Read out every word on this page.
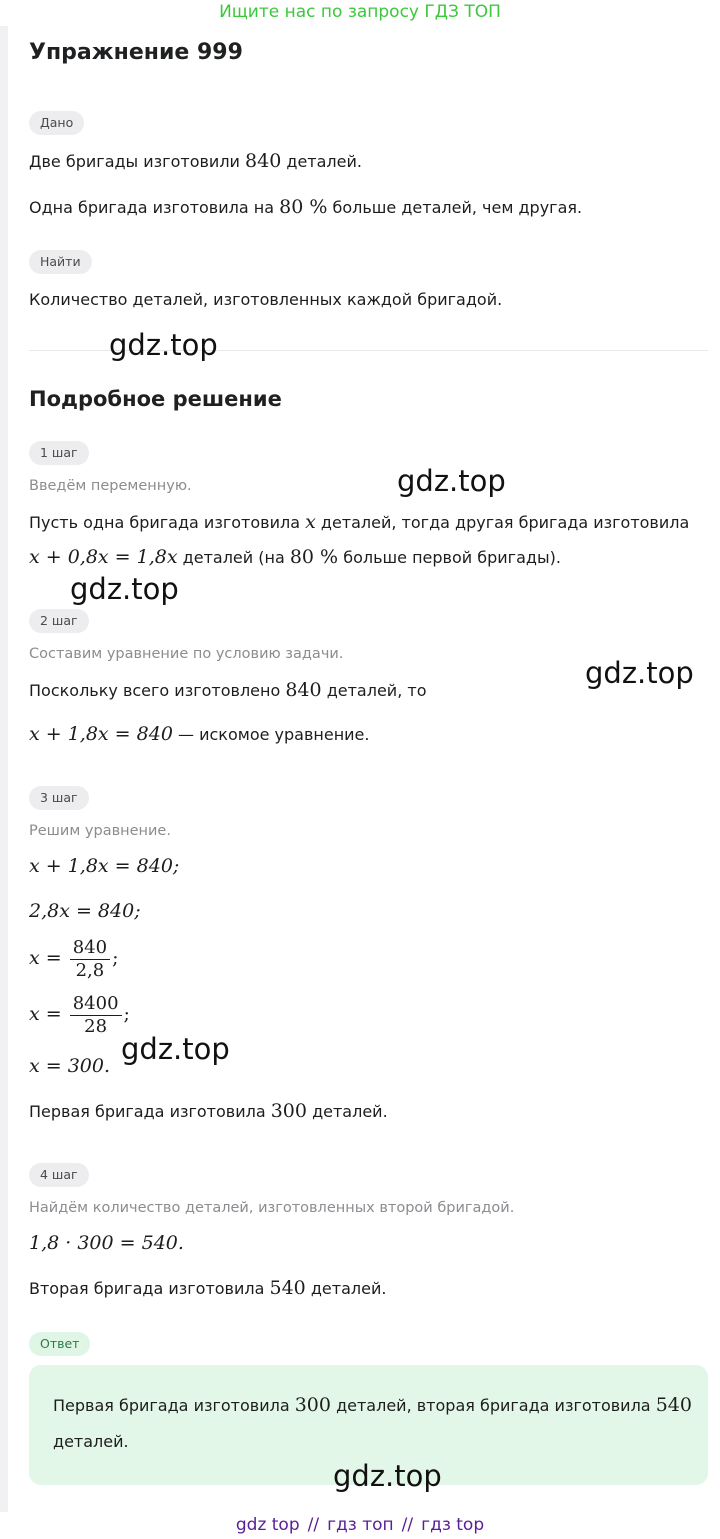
Ищите нас по запросу ГДЗ ТОП
Упражнение 999
Дано
Две бригады изготовили 840 деталей.
Одна бригада изготовила на 80 % больше деталей, чем другая.
Найти
Количество деталей, изготовленных каждой бригадой.
Подробное решение
1 шаг
Введём переменную.
Пусть одна бригада изготовила x деталей, тогда другая бригада изготовила
x + 0,8x = 1,8x деталей (на 80 % больше первой бригады).
2 шаг
Составим уравнение по условию задачи.
Поскольку всего изготовлено 840 деталей, то
x + 1,8x = 840 — искомое уравнение.
3 шаг
Решим уравнение.
x + 1,8x = 840;
2,8x = 840;
$x = \frac{840}{2,8}$ ;
$x = \frac{8400}{28}$ ;
x = 300.
Первая бригада изготовила 300 деталей.
4 шаг
Найдём количество деталей, изготовленных второй бригадой.
1,8 · 300 = 540.
Вторая бригада изготовила 540 деталей.
Ответ
Первая бригада изготовила 300 деталей, вторая бригада изготовила 540 деталей.
gdz.top
gdz.top
gdz.top
gdz.top
gdz.top
gdz.top
gdz top // гдз топ // гдз top
